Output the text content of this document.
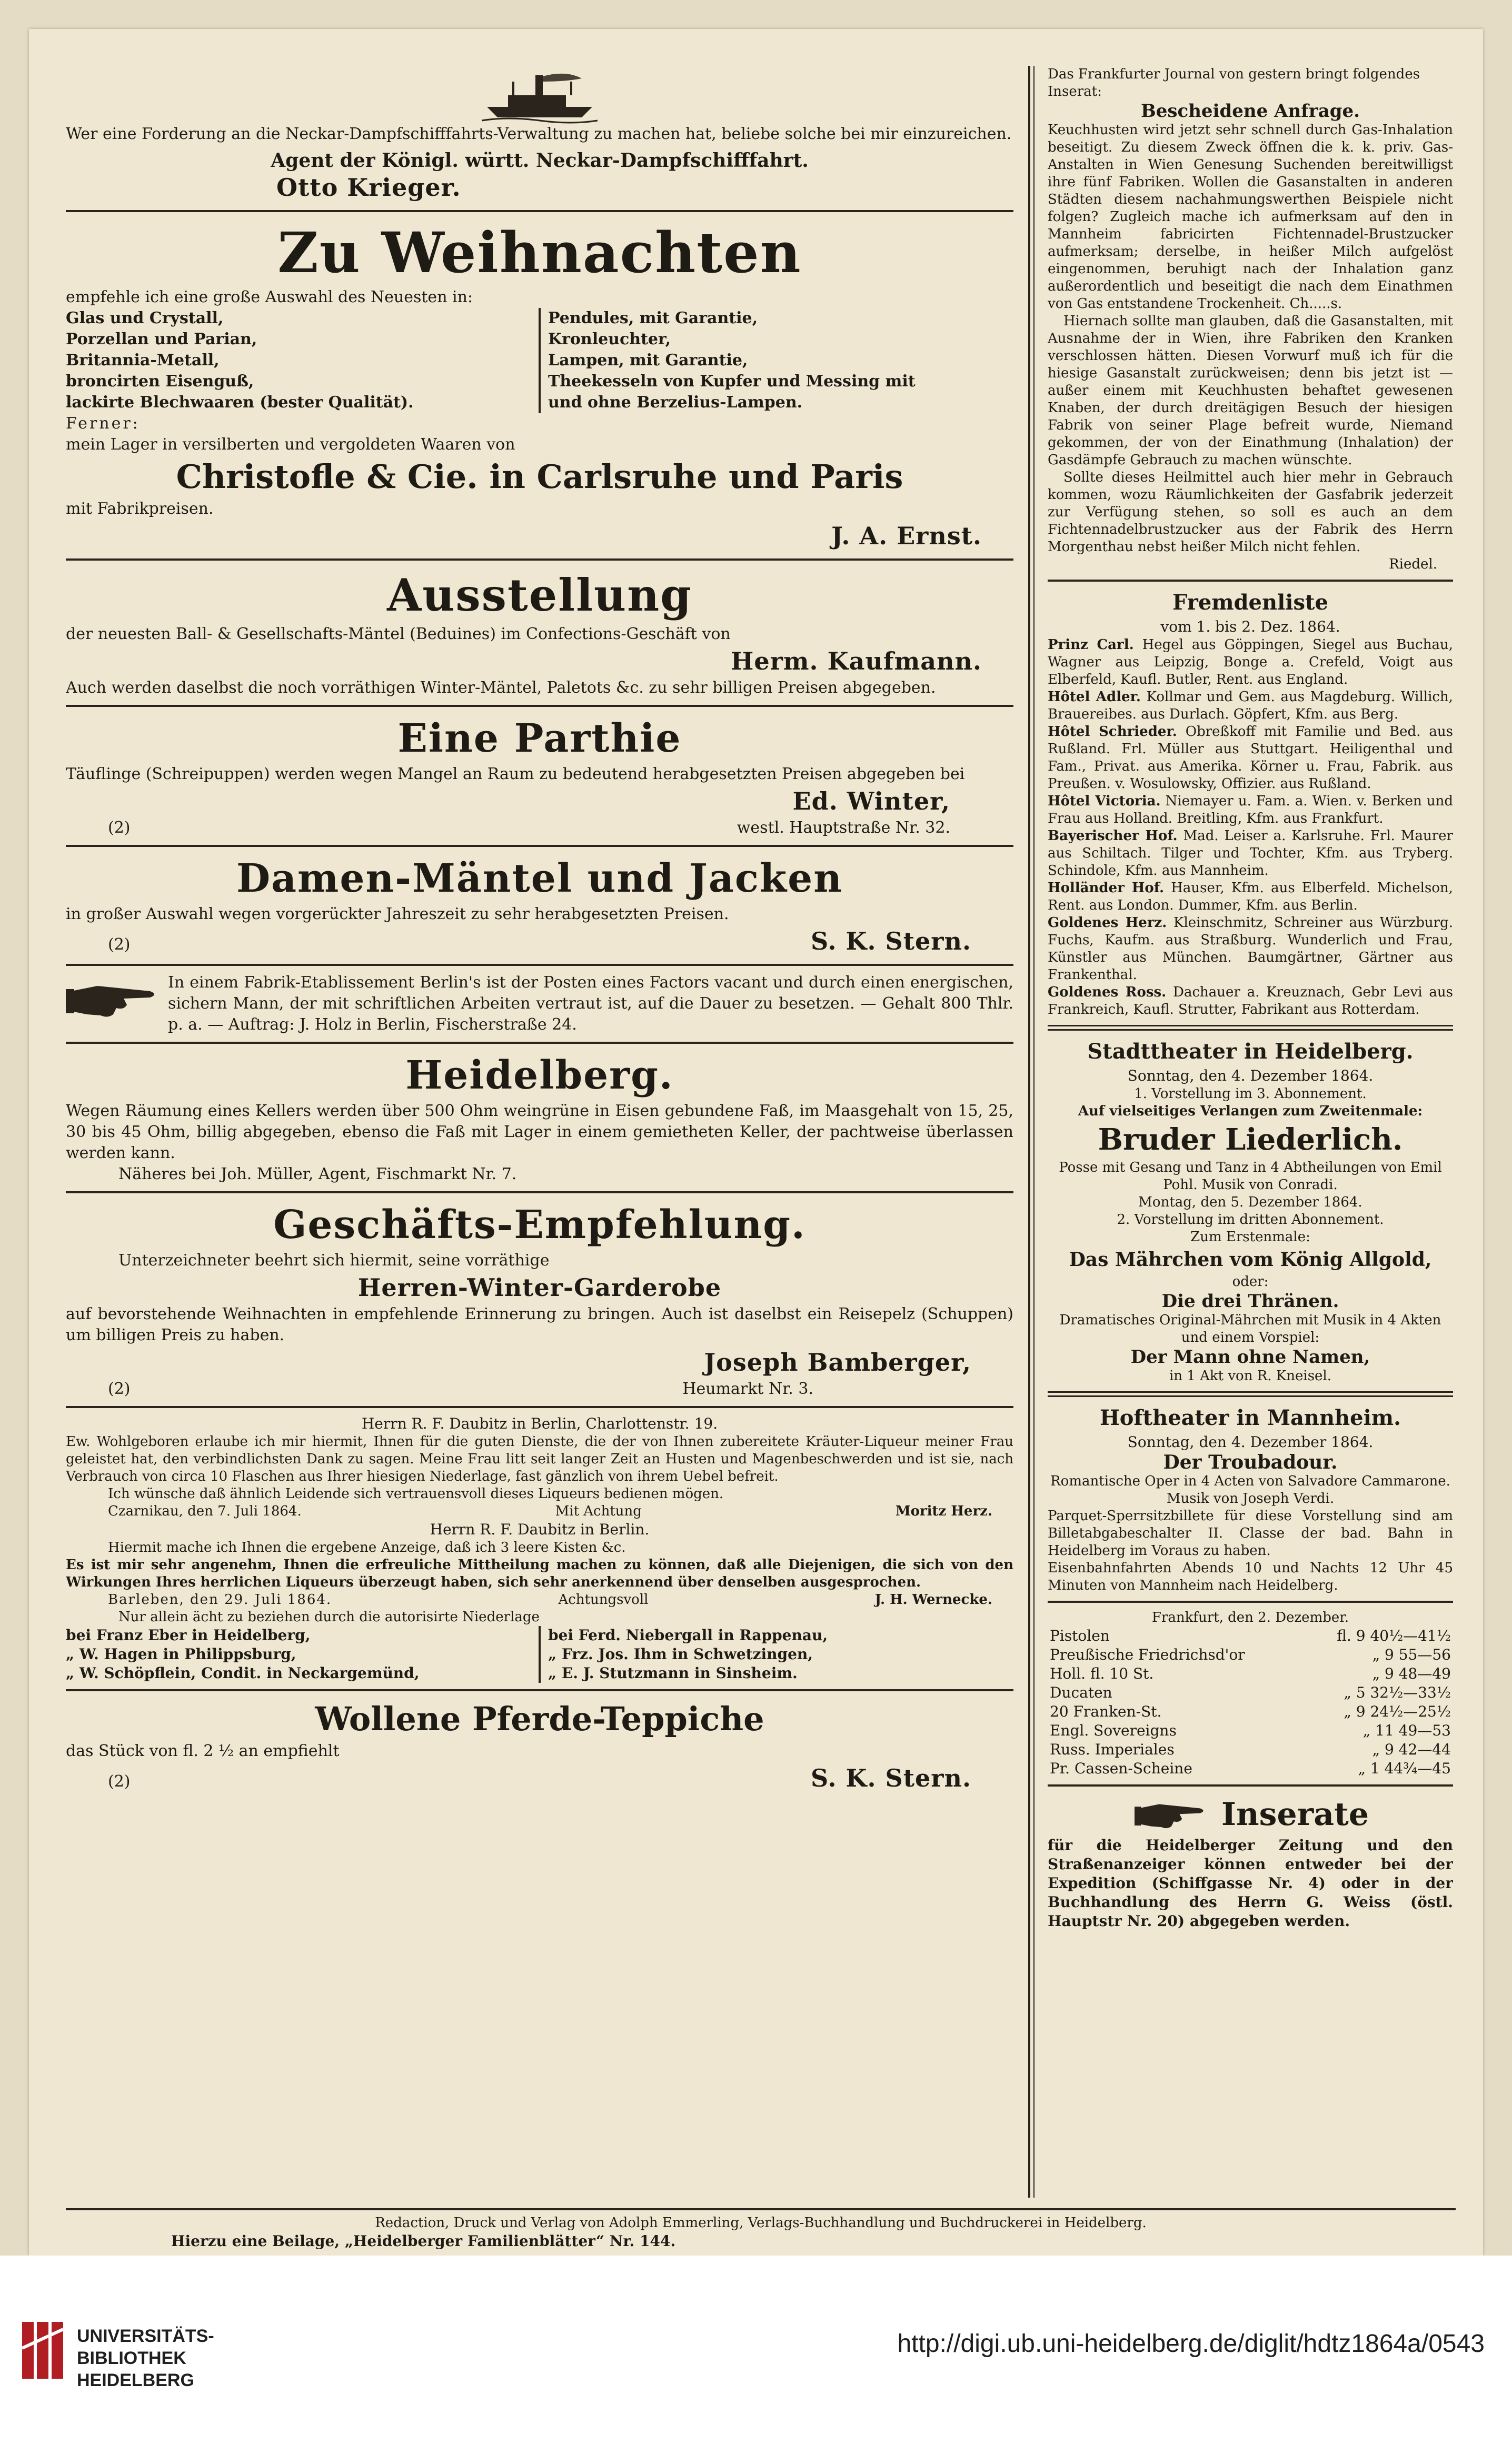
Wer eine Forderung an die Neckar-Dampfschifffahrts-Verwaltung zu machen hat, beliebe solche bei mir einzureichen.

Agent der Königl. württ. Neckar-Dampfschifffahrt.

Otto Krieger.

Zu Weihnachten

empfehle ich eine große Auswahl des Neuesten in:

Glas und Crystall,

Porzellan und Parian,

Britannia-Metall,

broncirten Eisenguß,

lackirte Blechwaaren (bester Qualität).

Pendules, mit Garantie,

Kronleuchter,

Lampen, mit Garantie,

Theekesseln von Kupfer und Messing mit

und ohne Berzelius-Lampen.

Ferner:

mein Lager in versilberten und vergoldeten Waaren von

Christofle & Cie. in Carlsruhe und Paris

mit Fabrikpreisen.

J. A. Ernst.

Ausstellung

der neuesten Ball- & Gesellschafts-Mäntel (Beduines) im Confections-Geschäft von

Herm. Kaufmann.

Auch werden daselbst die noch vorräthigen Winter-Mäntel, Paletots &c. zu sehr billigen Preisen abgegeben.

Eine Parthie

Täuflinge (Schreipuppen) werden wegen Mangel an Raum zu bedeutend herabgesetzten Preisen abgegeben bei

Ed. Winter,

(2)	westl. Hauptstraße Nr. 32.

Damen-Mäntel und Jacken

in großer Auswahl wegen vorgerückter Jahreszeit zu sehr herabgesetzten Preisen.

(2)	S. K. Stern.

In einem Fabrik-Etablissement Berlin's ist der Posten eines Factors vacant und durch einen energischen, sichern Mann, der mit schriftlichen Arbeiten vertraut ist, auf die Dauer zu besetzen. — Gehalt 800 Thlr. p. a. — Auftrag: J. Holz in Berlin, Fischerstraße 24.

Heidelberg.

Wegen Räumung eines Kellers werden über 500 Ohm weingrüne in Eisen gebundene Faß, im Maasgehalt von 15, 25, 30 bis 45 Ohm, billig abgegeben, ebenso die Faß mit Lager in einem gemietheten Keller, der pachtweise überlassen werden kann.

Näheres bei Joh. Müller, Agent, Fischmarkt Nr. 7.

Geschäfts-Empfehlung.

Unterzeichneter beehrt sich hiermit, seine vorräthige

Herren-Winter-Garderobe

auf bevorstehende Weihnachten in empfehlende Erinnerung zu bringen. Auch ist daselbst ein Reisepelz (Schuppen) um billigen Preis zu haben.

Joseph Bamberger,

(2)	Heumarkt Nr. 3.

Herrn R. F. Daubitz in Berlin, Charlottenstr. 19.

Ew. Wohlgeboren erlaube ich mir hiermit, Ihnen für die guten Dienste, die der von Ihnen zubereitete Kräuter-Liqueur meiner Frau geleistet hat, den verbindlichsten Dank zu sagen. Meine Frau litt seit langer Zeit an Husten und Magenbeschwerden und ist sie, nach Verbrauch von circa 10 Flaschen aus Ihrer hiesigen Niederlage, fast gänzlich von ihrem Uebel befreit.

Ich wünsche daß ähnlich Leidende sich vertrauensvoll dieses Liqueurs bedienen mögen.

Czarnikau, den 7. Juli 1864.	Mit Achtung	Moritz Herz.

Herrn R. F. Daubitz in Berlin.

Hiermit mache ich Ihnen die ergebene Anzeige, daß ich 3 leere Kisten &c.

Es ist mir sehr angenehm, Ihnen die erfreuliche Mittheilung machen zu können, daß alle Diejenigen, die sich von den Wirkungen Ihres herrlichen Liqueurs überzeugt haben, sich sehr anerkennend über denselben ausgesprochen.

Barleben, den 29. Juli 1864.	Achtungsvoll	J. H. Wernecke.

Nur allein ächt zu beziehen durch die autorisirte Niederlage

bei Franz Eber in Heidelberg,

„ W. Hagen in Philippsburg,

„ W. Schöpflein, Condit. in Neckargemünd,

bei Ferd. Niebergall in Rappenau,

„ Frz. Jos. Ihm in Schwetzingen,

„ E. J. Stutzmann in Sinsheim.

Wollene Pferde-Teppiche

das Stück von fl. 2 ½ an empfiehlt

(2)	S. K. Stern.

Das Frankfurter Journal von gestern bringt folgendes Inserat:

Bescheidene Anfrage.

Keuchhusten wird jetzt sehr schnell durch Gas-Inhalation beseitigt. Zu diesem Zweck öffnen die k. k. priv. Gas-Anstalten in Wien Genesung Suchenden bereitwilligst ihre fünf Fabriken. Wollen die Gasanstalten in anderen Städten diesem nachahmungswerthen Beispiele nicht folgen? Zugleich mache ich aufmerksam auf den in Mannheim fabricirten Fichtennadel-Brustzucker aufmerksam; derselbe, in heißer Milch aufgelöst eingenommen, beruhigt nach der Inhalation ganz außerordentlich und beseitigt die nach dem Einathmen von Gas entstandene Trockenheit. Ch.....s.

Hiernach sollte man glauben, daß die Gasanstalten, mit Ausnahme der in Wien, ihre Fabriken den Kranken verschlossen hätten. Diesen Vorwurf muß ich für die hiesige Gasanstalt zurückweisen; denn bis jetzt ist — außer einem mit Keuchhusten behaftet gewesenen Knaben, der durch dreitägigen Besuch der hiesigen Fabrik von seiner Plage befreit wurde, Niemand gekommen, der von der Einathmung (Inhalation) der Gasdämpfe Gebrauch zu machen wünschte.

Sollte dieses Heilmittel auch hier mehr in Gebrauch kommen, wozu Räumlichkeiten der Gasfabrik jederzeit zur Verfügung stehen, so soll es auch an dem Fichtennadelbrustzucker aus der Fabrik des Herrn Morgenthau nebst heißer Milch nicht fehlen.

Riedel.

Fremdenliste

vom 1. bis 2. Dez. 1864.

Prinz Carl. Hegel aus Göppingen, Siegel aus Buchau, Wagner aus Leipzig, Bonge a. Crefeld, Voigt aus Elberfeld, Kaufl. Butler, Rent. aus England.

Hôtel Adler. Kollmar und Gem. aus Magdeburg. Willich, Brauereibes. aus Durlach. Göpfert, Kfm. aus Berg.

Hôtel Schrieder. Obreßkoff mit Familie und Bed. aus Rußland. Frl. Müller aus Stuttgart. Heiligenthal und Fam., Privat. aus Amerika. Körner u. Frau, Fabrik. aus Preußen. v. Wosulowsky, Offizier. aus Rußland.

Hôtel Victoria. Niemayer u. Fam. a. Wien. v. Berken und Frau aus Holland. Breitling, Kfm. aus Frankfurt.

Bayerischer Hof. Mad. Leiser a. Karlsruhe. Frl. Maurer aus Schiltach. Tilger und Tochter, Kfm. aus Tryberg. Schindole, Kfm. aus Mannheim.

Holländer Hof. Hauser, Kfm. aus Elberfeld. Michelson, Rent. aus London. Dummer, Kfm. aus Berlin.

Goldenes Herz. Kleinschmitz, Schreiner aus Würzburg. Fuchs, Kaufm. aus Straßburg. Wunderlich und Frau, Künstler aus München. Baumgärtner, Gärtner aus Frankenthal.

Goldenes Ross. Dachauer a. Kreuznach, Gebr Levi aus Frankreich, Kaufl. Strutter, Fabrikant aus Rotterdam.

Stadttheater in Heidelberg.

Sonntag, den 4. Dezember 1864.

1. Vorstellung im 3. Abonnement.

Auf vielseitiges Verlangen zum Zweitenmale:

Bruder Liederlich.

Posse mit Gesang und Tanz in 4 Abtheilungen von Emil Pohl. Musik von Conradi.

Montag, den 5. Dezember 1864.

2. Vorstellung im dritten Abonnement.

Zum Erstenmale:

Das Mährchen vom König Allgold,

oder:

Die drei Thränen.

Dramatisches Original-Mährchen mit Musik in 4 Akten und einem Vorspiel:

Der Mann ohne Namen,

in 1 Akt von R. Kneisel.

Hoftheater in Mannheim.

Sonntag, den 4. Dezember 1864.

Der Troubadour.

Romantische Oper in 4 Acten von Salvadore Cammarone. Musik von Joseph Verdi.

Parquet-Sperrsitzbillete für diese Vorstellung sind am Billetabgabeschalter II. Classe der bad. Bahn in Heidelberg im Voraus zu haben.

Eisenbahnfahrten Abends 10 und Nachts 12 Uhr 45 Minuten von Mannheim nach Heidelberg.

Frankfurt, den 2. Dezember.

Pistolen	fl. 9 40½—41½
Preußische Friedrichsd'or	„ 9 55—56
Holl. fl. 10 St.	„ 9 48—49
Ducaten	„ 5 32½—33½
20 Franken-St.	„ 9 24½—25½
Engl. Sovereigns	„ 11 49—53
Russ. Imperiales	„ 9 42—44
Pr. Cassen-Scheine	„ 1 44¾—45
Inserate

für die Heidelberger Zeitung und den Straßenanzeiger können entweder bei der Expedition (Schiffgasse Nr. 4) oder in der Buchhandlung des Herrn G. Weiss (östl. Hauptstr Nr. 20) abgegeben werden.

Redaction, Druck und Verlag von Adolph Emmerling, Verlags-Buchhandlung und Buchdruckerei in Heidelberg.

Hierzu eine Beilage, „Heidelberger Familienblätter“ Nr. 144.

UNIVERSITÄTS-
BIBLIOTHEK
HEIDELBERG
http://digi.ub.uni-heidelberg.de/diglit/hdtz1864a/0543
